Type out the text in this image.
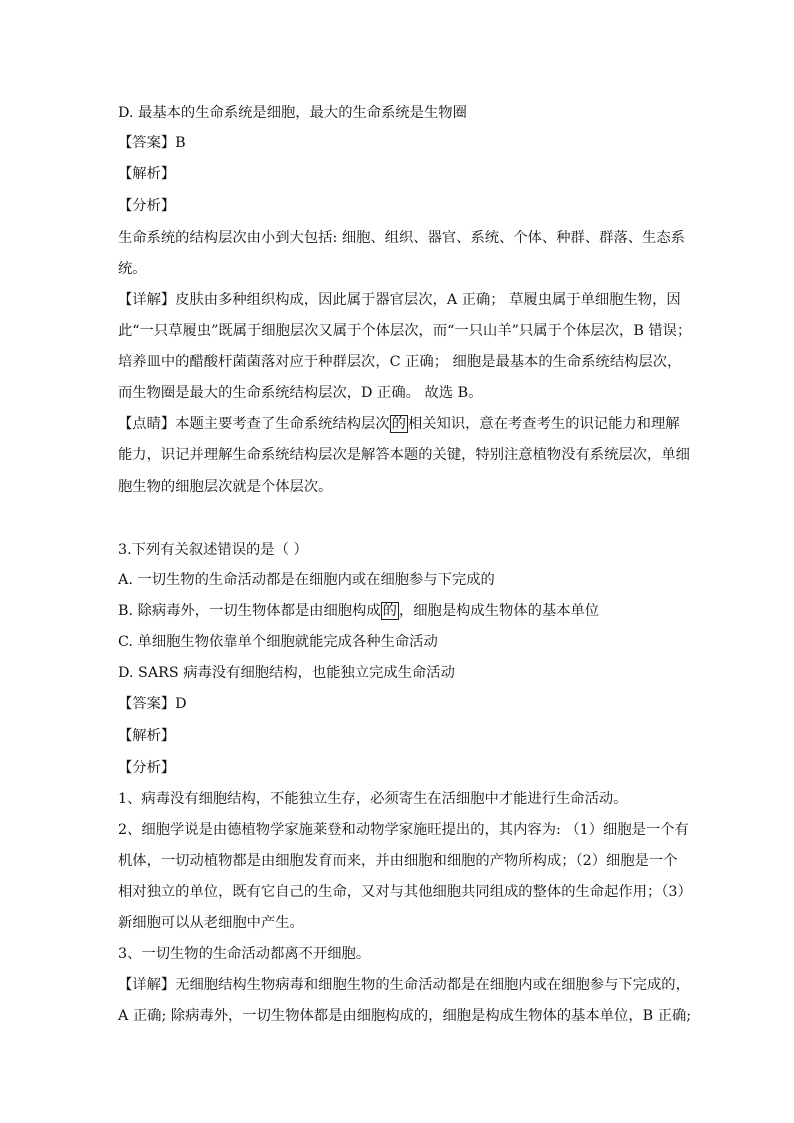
D. 最基本的生命系统是细胞，最大的生命系统是生物圈
【答案】B
【解析】
【分析】
生命系统的结构层次由小到大包括: 细胞、组织、器官、系统、个体、种群、群落、生态系
统。
【详解】皮肤由多种组织构成，因此属于器官层次，A 正确； 草履虫属于单细胞生物，因
此“一只草履虫”既属于细胞层次又属于个体层次，而“一只山羊”只属于个体层次，B 错误；
培养皿中的醋酸杆菌菌落对应于种群层次，C 正确； 细胞是最基本的生命系统结构层次，
而生物圈是最大的生命系统结构层次，D 正确。 故选 B。
【点睛】本题主要考查了生命系统结构层次 的 相关知识，意在考查考生的识记能力和理解
能力，识记并理解生命系统结构层次是解答本题的关键，特别注意植物没有系统层次，单细
胞生物的细胞层次就是个体层次。
3.下列有关叙述错误的是（ ）
A. 一切生物的生命活动都是在细胞内或在细胞参与下完成的
B. 除病毒外，一切生物体都是由细胞构成 的 ，细胞是构成生物体的基本单位
C. 单细胞生物依靠单个细胞就能完成各种生命活动
D. SARS 病毒没有细胞结构，也能独立完成生命活动
【答案】D
【解析】
【分析】
1、病毒没有细胞结构，不能独立生存，必须寄生在活细胞中才能进行生命活动。
2、细胞学说是由德植物学家施莱登和动物学家施旺提出的，其内容为: （1）细胞是一个有
机体，一切动植物都是由细胞发育而来，并由细胞和细胞的产物所构成；（2）细胞是一个
相对独立的单位，既有它自己的生命，又对与其他细胞共同组成的整体的生命起作用；（3）
新细胞可以从老细胞中产生。
3、一切生物的生命活动都离不开细胞。
【详解】无细胞结构生物病毒和细胞生物的生命活动都是在细胞内或在细胞参与下完成的，
A 正确; 除病毒外，一切生物体都是由细胞构成的，细胞是构成生物体的基本单位，B 正确;
